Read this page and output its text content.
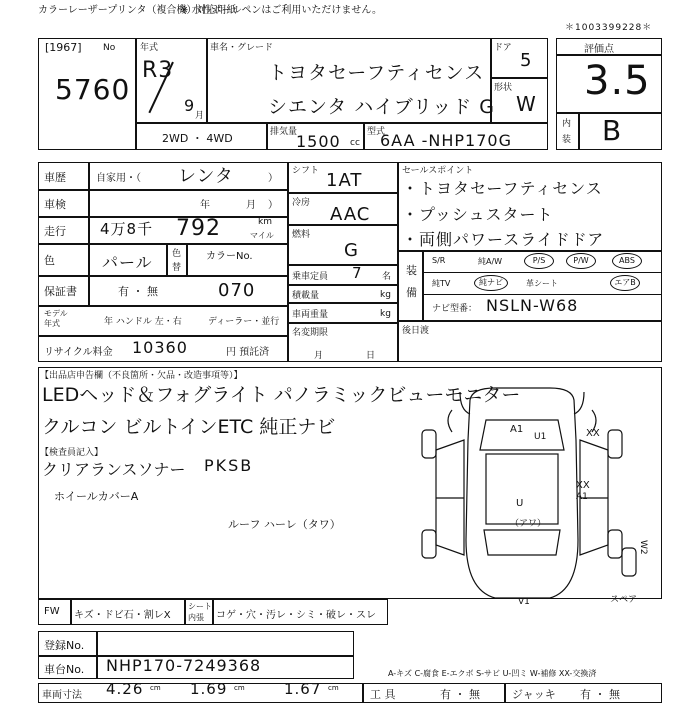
カラーレーザープリンタ（複合機）対応用紙
※ 水性ボールペンはご利用いただけません。
＊1003399228＊
[1967] No
5760
年式
R3
9
月
車名・グレード
トヨタセーフティセンス
シエンタ ハイブリッド G
ドア
5
形状
W
2WD ・ 4WD	排気量
1500 cc
型式
6AA -NHP170G
評価点
3.5
内
装 B
車歴	自家用・（ レンタ	）
車検	年	月 ）
走行 4万8千 792	km
マイル
色	パール 色
替
カラーNo.
保証書	有 ・ 無	070
モデル
年式	年 ハンドル 左・右	ディーラー・並行
リサイクル料金 10360	円 預託済
シフト 1AT
冷房
AAC
燃料
G
乗車定員 7 名
積載量	kg
車両重量	kg
名変期限
月	日
セールスポイント
・トヨタセーフティセンス
・プッシュスタート
・両側パワースライドドア
装
備
S/R	純A/W	P/S	P/W	ABS
純TV	純ナビ	革シート	エアB
ナビ型番： NSLN-W68
後日渡
【出品店申告欄（不良箇所・欠品・改造事項等）】
LEDヘッド＆フォグライト パノラミックビューモニター
クルコン ビルトインETC 純正ナビ
【検査員記入】
クリアランスソナー PKSB
ホイールカバーA
ルーフ ハーレ（タワ）
A1
U1	XX
XX
A1
U
（アワ）
V1
W2
スペア
FW キズ・ドビ石・割レX
シート
内張 コゲ・穴・汚レ・シミ・破レ・スレ
登録No.
車台No. NHP170-7249368	A-キズ C-腐食 E-エクボ S-サビ U-凹ミ W-補修 XX-交換済
車両寸法 4.26 cm 1.69 cm	1.67 cm	工 具	有 ・ 無	ジャッキ 有 ・ 無
